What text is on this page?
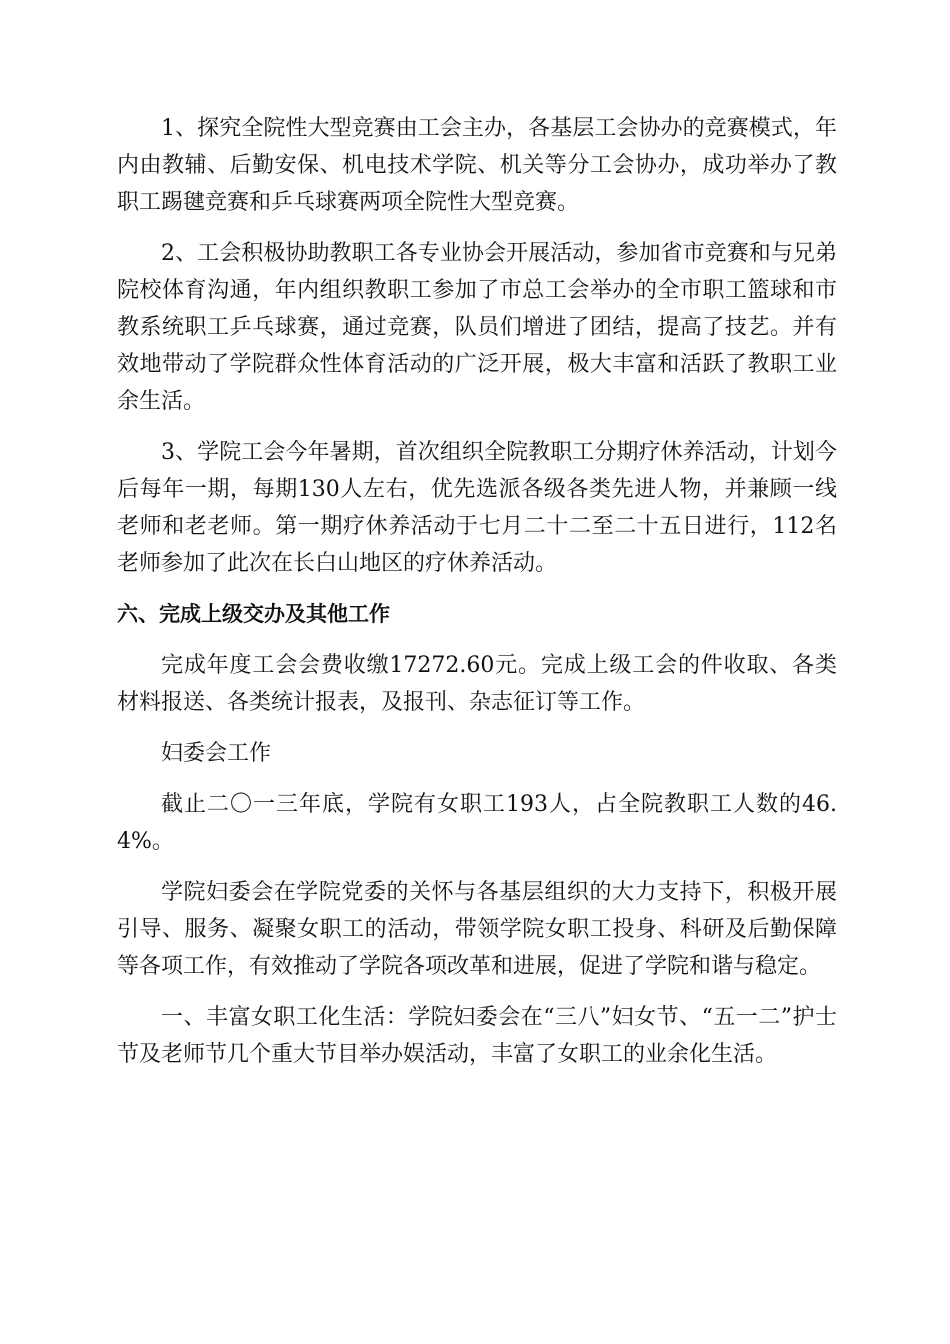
1、探究全院性大型竞赛由工会主办，各基层工会协办的竞赛模式，年内由教辅、后勤安保、机电技术学院、机关等分工会协办，成功举办了教职工踢毽竞赛和乒乓球赛两项全院性大型竞赛。

2、工会积极协助教职工各专业协会开展活动，参加省市竞赛和与兄弟院校体育沟通，年内组织教职工参加了市总工会举办的全市职工篮球和市教系统职工乒乓球赛，通过竞赛，队员们增进了团结，提高了技艺。并有效地带动了学院群众性体育活动的广泛开展，极大丰富和活跃了教职工业余生活。

3、学院工会今年暑期，首次组织全院教职工分期疗休养活动，计划今后每年一期，每期130人左右，优先选派各级各类先进人物，并兼顾一线老师和老老师。第一期疗休养活动于七月二十二至二十五日进行，112名老师参加了此次在长白山地区的疗休养活动。

六、完成上级交办及其他工作

完成年度工会会费收缴17272.60元。完成上级工会的件收取、各类材料报送、各类统计报表，及报刊、杂志征订等工作。

妇委会工作

截止二〇一三年底，学院有女职工193人，占全院教职工人数的46.4%。

学院妇委会在学院党委的关怀与各基层组织的大力支持下，积极开展引导、服务、凝聚女职工的活动，带领学院女职工投身、科研及后勤保障等各项工作，有效推动了学院各项改革和进展，促进了学院和谐与稳定。

一、丰富女职工化生活：学院妇委会在“三八”妇女节、“五一二”护士节及老师节几个重大节目举办娱活动，丰富了女职工的业余化生活。
